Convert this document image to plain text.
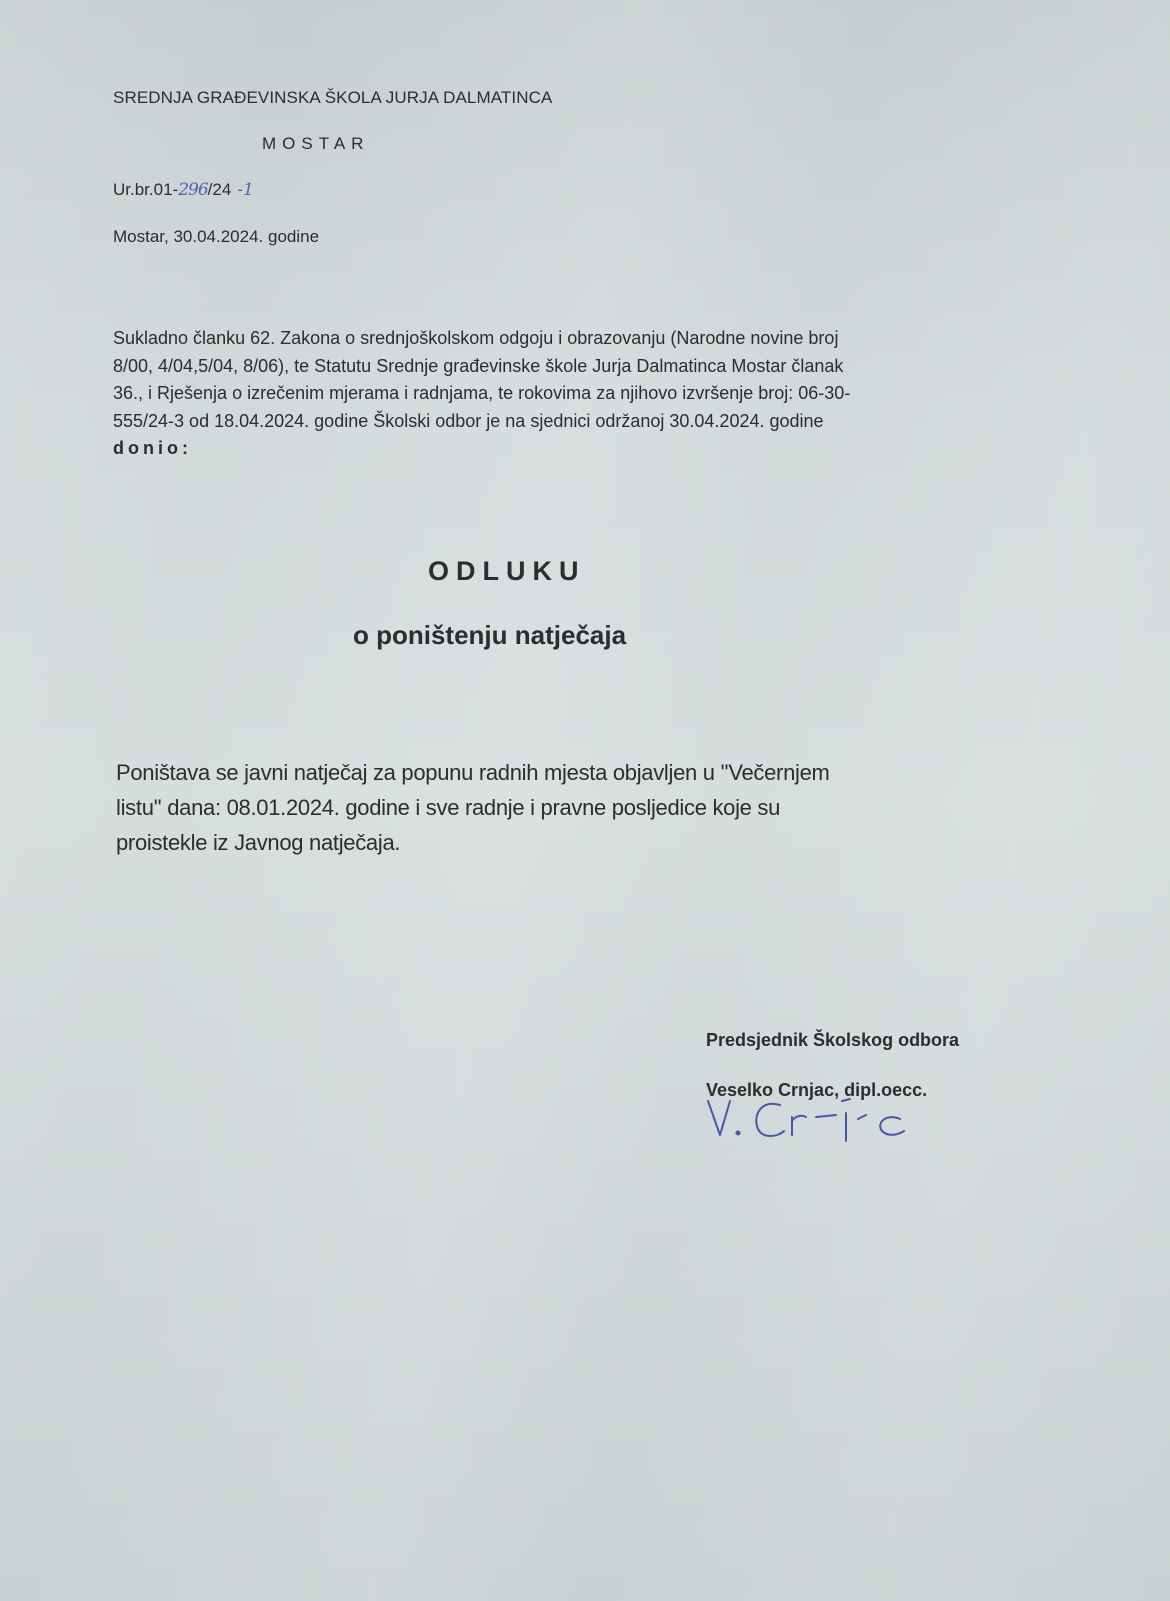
SREDNJA GRAĐEVINSKA ŠKOLA JURJA DALMATINCA
MOSTAR
Ur.br.01-296/24 -1
Mostar, 30.04.2024. godine
Sukladno članku 62. Zakona o srednjoškolskom odgoju i obrazovanju (Narodne novine broj
8/00, 4/04,5/04, 8/06), te Statutu Srednje građevinske škole Jurja Dalmatinca Mostar članak
36., i Rješenja o izrečenim mjerama i radnjama, te rokovima za njihovo izvršenje broj: 06-30-
555/24-3 od 18.04.2024. godine Školski odbor je na sjednici održanoj 30.04.2024. godine
donio:
ODLUKU
o poništenju natječaja
Poništava se javni natječaj za popunu radnih mjesta objavljen u ''Večernjem
listu'' dana: 08.01.2024. godine i sve radnje i pravne posljedice koje su
proistekle iz Javnog natječaja.
Predsjednik Školskog odbora
Veselko Crnjac, dipl.oecc.
